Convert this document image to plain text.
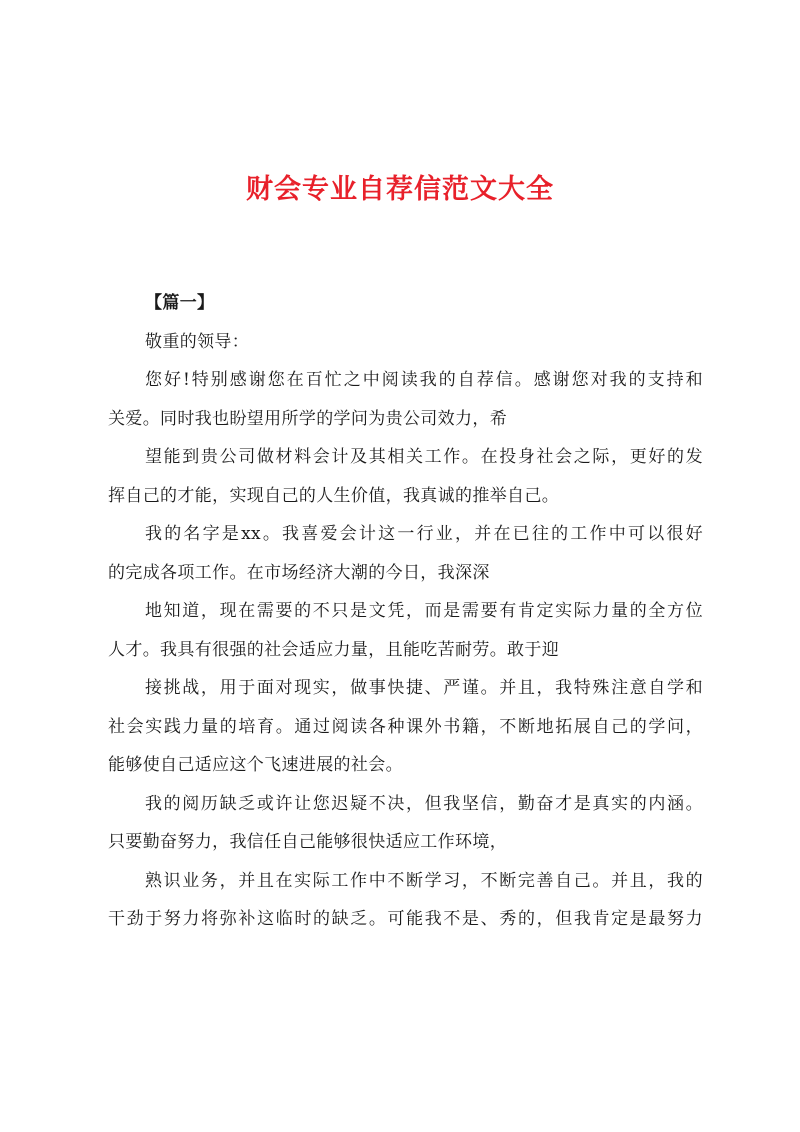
财会专业自荐信范文大全
【篇一】
敬重的领导：
您好!特别感谢您在百忙之中阅读我的自荐信。感谢您对我的支持和
关爱。同时我也盼望用所学的学问为贵公司效力，希
望能到贵公司做材料会计及其相关工作。在投身社会之际，更好的发
挥自己的才能，实现自己的人生价值，我真诚的推举自己。
我的名字是xx。我喜爱会计这一行业，并在已往的工作中可以很好
的完成各项工作。在市场经济大潮的今日，我深深
地知道，现在需要的不只是文凭，而是需要有肯定实际力量的全方位
人才。我具有很强的社会适应力量，且能吃苦耐劳。敢于迎
接挑战，用于面对现实，做事快捷、严谨。并且，我特殊注意自学和
社会实践力量的培育。通过阅读各种课外书籍，不断地拓展自己的学问，
能够使自己适应这个飞速进展的社会。
我的阅历缺乏或许让您迟疑不决，但我坚信，勤奋才是真实的内涵。
只要勤奋努力，我信任自己能够很快适应工作环境，
熟识业务，并且在实际工作中不断学习，不断完善自己。并且，我的
干劲于努力将弥补这临时的缺乏。可能我不是、秀的，但我肯定是最努力
